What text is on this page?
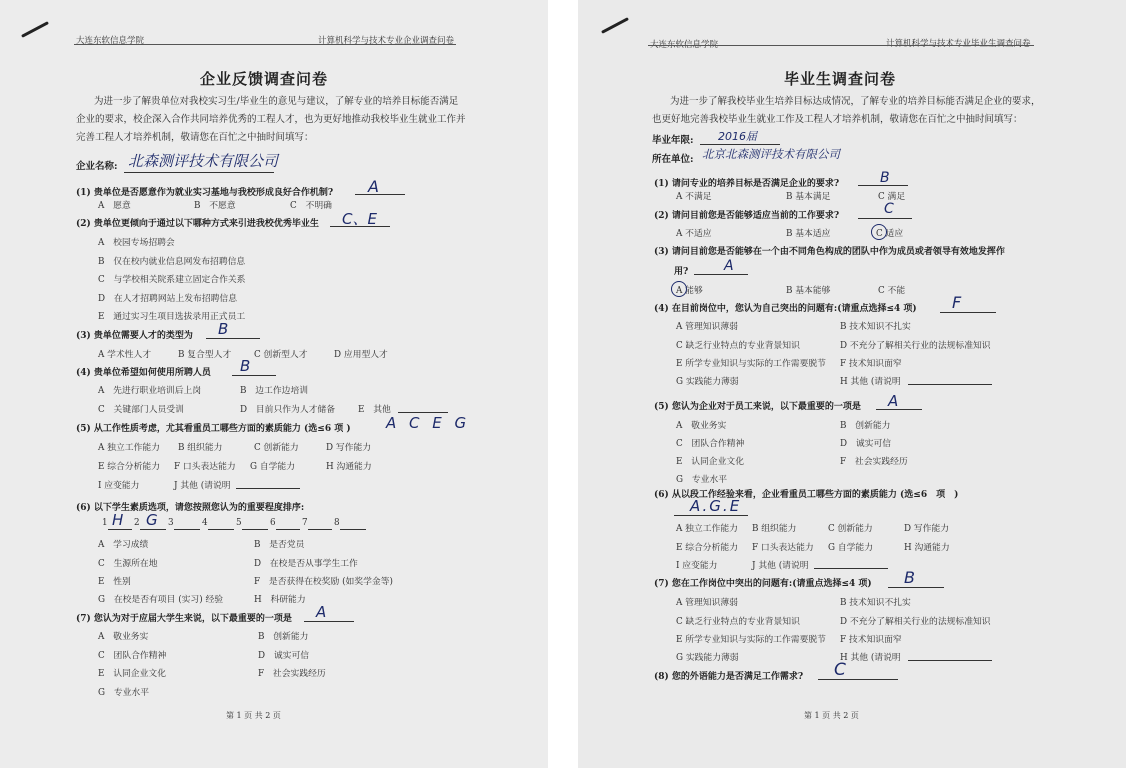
大连东软信息学院	计算机科学与技术专业企业调查问卷
企业反馈调查问卷
为进一步了解贵单位对我校实习生/毕业生的意见与建议，了解专业的培养目标能否满足企业的要求，校企深入合作共同培养优秀的工程人才，也为更好地推动我校毕业生就业工作并完善工程人才培养机制，敬请您在百忙之中抽时间填写：
企业名称: 北森测评技术有限公司
(1) 贵单位是否愿意作为就业实习基地与我校形成良好合作机制? A
A　愿意	B　不愿意	C　不明确
(2) 贵单位更倾向于通过以下哪种方式来引进我校优秀毕业生 C、E
A　校园专场招聘会
B　仅在校内就业信息网发布招聘信息
C　与学校相关院系建立固定合作关系
D　在人才招聘网站上发布招聘信息
E　通过实习生项目选拔录用正式员工
(3) 贵单位需要人才的类型为 B
A 学术性人才	B 复合型人才	C 创新型人才	D 应用型人才
(4) 贵单位希望如何使用所聘人员 B
A　先进行职业培训后上岗	B　边工作边培训
C　关键部门人员受训	D　目前只作为人才储备	E　其他
(5) 从工作性质考虑，尤其看重员工哪些方面的素质能力 (选≤6 项 ) A C E G
A 独立工作能力 B 组织能力	C 创新能力	D 写作能力
E 综合分析能力 F 口头表达能力 G 自学能力	H 沟通能力
I 应变能力	J 其他 (请说明
(6) 以下学生素质选项，请您按照您认为的重要程度排序:
1	2	3	4	5	6	7	8
H G
A　学习成绩	B　是否党员
C　生源所在地	D　在校是否从事学生工作
E　性别	F　是否获得在校奖励 (如奖学金等)
G　在校是否有项目 (实习) 经验	H　科研能力
(7) 您认为对于应届大学生来说，以下最重要的一项是 A
A　敬业务实	B　创新能力
C　团队合作精神	D　诚实可信
E　认同企业文化	F　社会实践经历
G　专业水平
第 1 页 共 2 页
大连东软信息学院	计算机科学与技术专业毕业生调查问卷
毕业生调查问卷
为进一步了解我校毕业生培养目标达成情况，了解专业的培养目标能否满足企业的要求，也更好地完善我校毕业生就业工作及工程人才培养机制，敬请您在百忙之中抽时间填写：
毕业年限: 2016届
所在单位: 北京北森测评技术有限公司
(1) 请问专业的培养目标是否满足企业的要求?	B
A 不满足	B 基本满足	C 满足
(2) 请问目前您是否能够适应当前的工作要求?	C
A 不适应	B 基本适应	C 适应
(3) 请问目前您是否能够在一个由不同角色构成的团队中作为成员或者领导有效地发挥作
用?	A
A 能够	B 基本能够	C 不能
(4) 在目前岗位中，您认为自己突出的问题有:(请重点选择≤4 项) F
A 管理知识薄弱	B 技术知识不扎实
C 缺乏行业特点的专业背景知识	D 不充分了解相关行业的法规标准知识
E 所学专业知识与实际的工作需要脱节 F 技术知识面窄
G 实践能力薄弱	H 其他 (请说明
(5) 您认为企业对于员工来说，以下最重要的一项是 A
A　敬业务实	B　创新能力
C　团队合作精神	D　诚实可信
E　认同企业文化	F　社会实践经历
G　专业水平
(6) 从以段工作经验来看，企业看重员工哪些方面的素质能力 (选≤6　项　)
A.G.E
A 独立工作能力 B 组织能力	C 创新能力	D 写作能力
E 综合分析能力 F 口头表达能力 G 自学能力	H 沟通能力
I 应变能力	J 其他 (请说明
(7) 您在工作岗位中突出的问题有:(请重点选择≤4 项) B
A 管理知识薄弱	B 技术知识不扎实
C 缺乏行业特点的专业背景知识	D 不充分了解相关行业的法规标准知识
E 所学专业知识与实际的工作需要脱节 F 技术知识面窄
G 实践能力薄弱	H 其他 (请说明
(8) 您的外语能力是否满足工作需求? C
第 1 页 共 2 页
